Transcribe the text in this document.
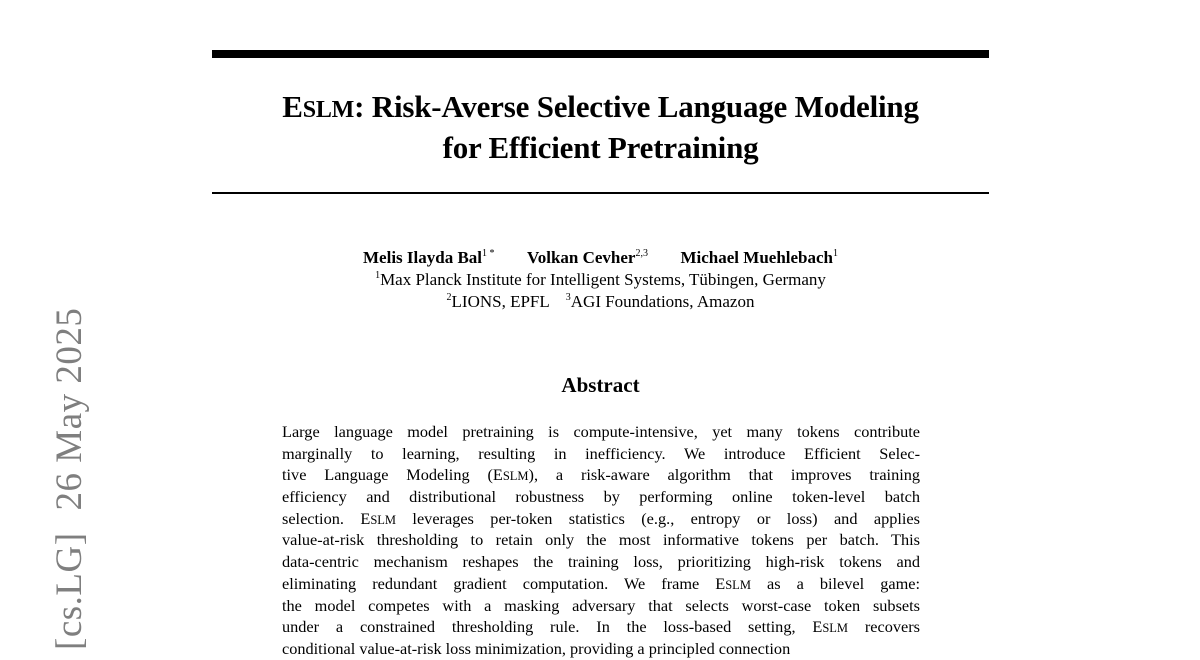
[cs.LG]26 May 2025
ESLM: Risk-Averse Selective Language Modeling
for Efficient Pretraining
Melis Ilayda Bal$^{1 *}$ Volkan Cevher$^{2,3}$ Michael Muehlebach$^1$
$^1$Max Planck Institute for Intelligent Systems, Tübingen, Germany
$^2$LIONS, EPFL $^3$AGI Foundations, Amazon
Abstract
Large language model pretraining is compute-intensive, yet many tokens contribute
marginally to learning, resulting in inefficiency. We introduce Efficient Selec-
tive Language Modeling (ESLM), a risk-aware algorithm that improves training
efficiency and distributional robustness by performing online token-level batch
selection. ESLM leverages per-token statistics (e.g., entropy or loss) and applies
value-at-risk thresholding to retain only the most informative tokens per batch. This
data-centric mechanism reshapes the training loss, prioritizing high-risk tokens and
eliminating redundant gradient computation. We frame ESLM as a bilevel game:
the model competes with a masking adversary that selects worst-case token subsets
under a constrained thresholding rule. In the loss-based setting, ESLM recovers
conditional value-at-risk loss minimization, providing a principled connection
